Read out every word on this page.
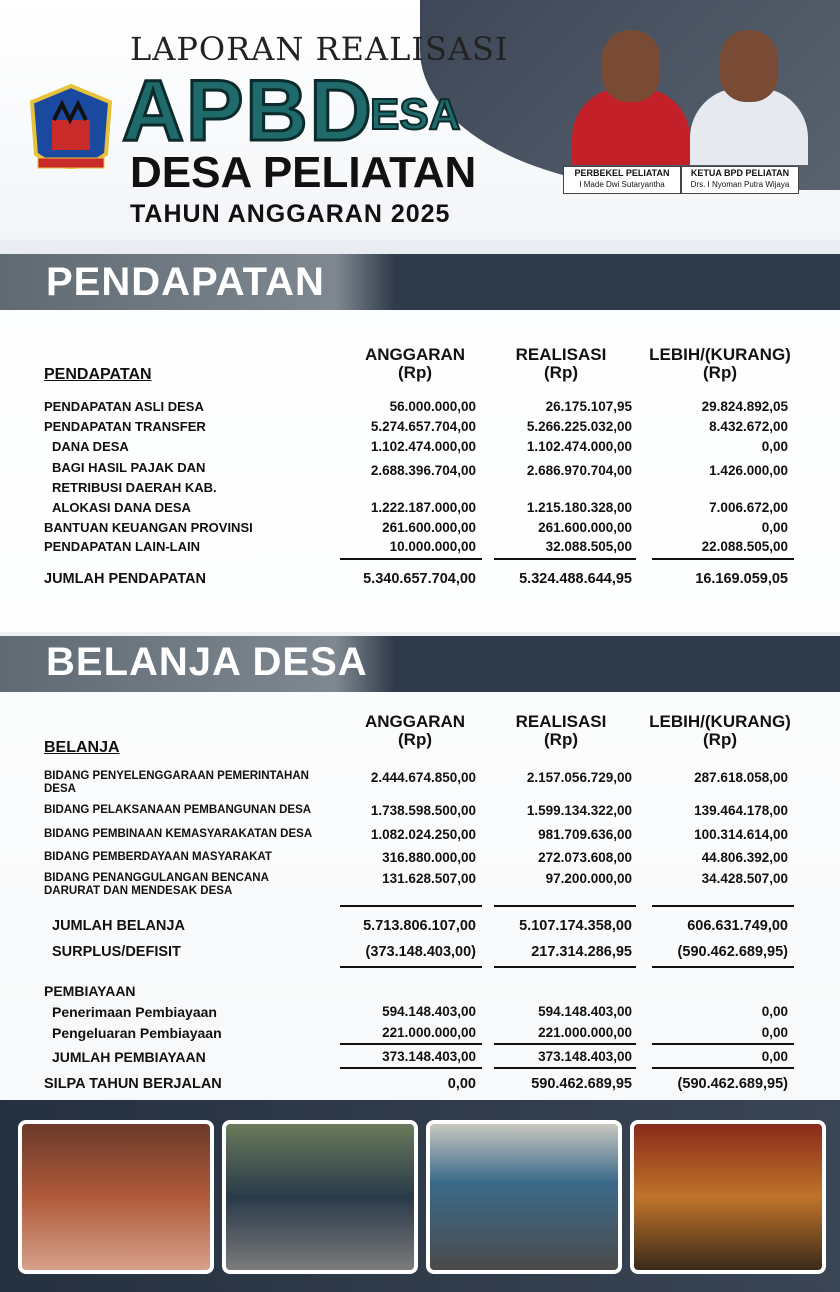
LAPORAN REALISASI
APBD
ESA
DESA PELIATAN
TAHUN ANGGARAN 2025
PERBEKEL PELIATAN
I Made Dwi Sutaryantha
KETUA BPD PELIATAN
Drs. I Nyoman Putra Wijaya
PENDAPATAN
PENDAPATAN
ANGGARAN
(Rp)
REALISASI
(Rp)
LEBIH/(KURANG)
(Rp)
PENDAPATAN ASLI DESA	56.000.000,00	26.175.107,95	29.824.892,05
PENDAPATAN TRANSFER	5.274.657.704,00	5.266.225.032,00	8.432.672,00
DANA DESA	1.102.474.000,00	1.102.474.000,00	0,00
BAGI HASIL PAJAK DAN	2.688.396.704,00	2.686.970.704,00	1.426.000,00
RETRIBUSI DAERAH KAB.
ALOKASI DANA DESA	1.222.187.000,00	1.215.180.328,00	7.006.672,00
BANTUAN KEUANGAN PROVINSI	261.600.000,00	261.600.000,00	0,00
PENDAPATAN LAIN-LAIN	10.000.000,00	32.088.505,00	22.088.505,00
JUMLAH PENDAPATAN	5.340.657.704,00	5.324.488.644,95	16.169.059,05
BELANJA DESA
BELANJA
ANGGARAN
(Rp)
REALISASI
(Rp)
LEBIH/(KURANG)
(Rp)
BIDANG PENYELENGGARAAN PEMERINTAHAN DESA
2.444.674.850,00	2.157.056.729,00	287.618.058,00
BIDANG PELAKSANAAN PEMBANGUNAN DESA	1.738.598.500,00	1.599.134.322,00	139.464.178,00
BIDANG PEMBINAAN KEMASYARAKATAN DESA	1.082.024.250,00	981.709.636,00	100.314.614,00
BIDANG PEMBERDAYAAN MASYARAKAT	316.880.000,00	272.073.608,00	44.806.392,00
BIDANG PENANGGULANGAN BENCANA DARURAT DAN MENDESAK DESA
131.628.507,00	97.200.000,00	34.428.507,00
JUMLAH BELANJA	5.713.806.107,00	5.107.174.358,00	606.631.749,00
SURPLUS/DEFISIT	(373.148.403,00)	217.314.286,95	(590.462.689,95)
PEMBIAYAAN
Penerimaan Pembiayaan	594.148.403,00	594.148.403,00	0,00
Pengeluaran Pembiayaan	221.000.000,00	221.000.000,00	0,00
JUMLAH PEMBIAYAAN	373.148.403,00	373.148.403,00	0,00
SILPA TAHUN BERJALAN	0,00	590.462.689,95	(590.462.689,95)
